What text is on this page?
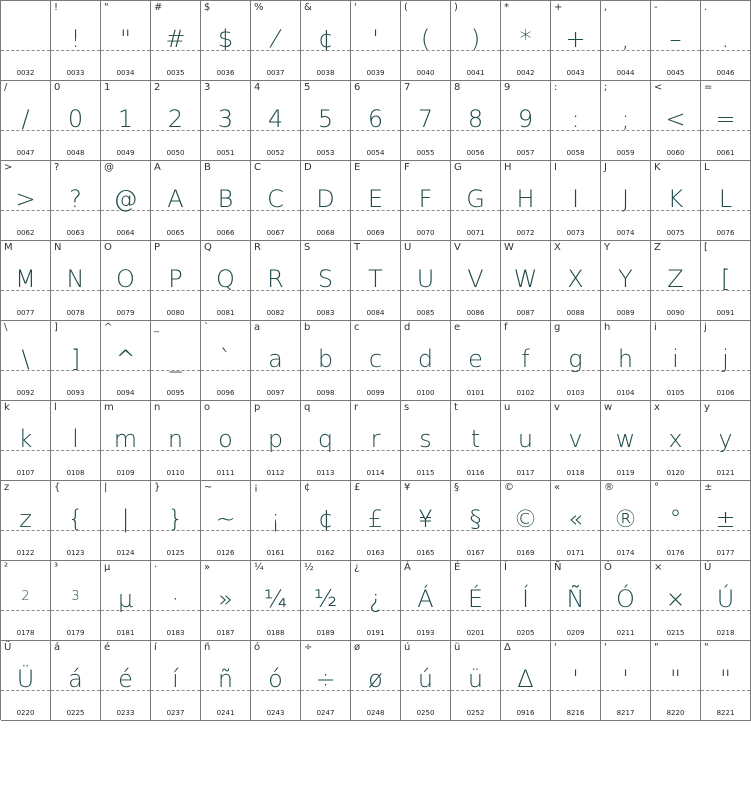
0032
!
!
0033
"
"
0034
#
#
0035
$
$
0036
%
⁄
0037
&
¢
0038
'
'
0039
(
(
0040
)
)
0041
*
*
0042
+
+
0043
,
,
0044
-
–
0045
.
.
0046
/
/
0047
0
0
0048
1
1
0049
2
2
0050
3
3
0051
4
4
0052
5
5
0053
6
6
0054
7
7
0055
8
8
0056
9
9
0057
:
:
0058
;
;
0059
<
<
0060
=
=
0061
>
>
0062
?
?
0063
@
@
0064
A
A
0065
B
B
0066
C
C
0067
D
D
0068
E
E
0069
F
F
0070
G
G
0071
H
H
0072
I
I
0073
J
J
0074
K
K
0075
L
L
0076
M
M
0077
N
N
0078
O
O
0079
P
P
0080
Q
Q
0081
R
R
0082
S
S
0083
T
T
0084
U
U
0085
V
V
0086
W
W
0087
X
X
0088
Y
Y
0089
Z
Z
0090
[
[
0091
\
\
0092
]
]
0093
^
^
0094
_
_
0095
`
`
0096
a
a
0097
b
b
0098
c
c
0099
d
d
0100
e
e
0101
f
f
0102
g
g
0103
h
h
0104
i
i
0105
j
j
0106
k
k
0107
l
l
0108
m
m
0109
n
n
0110
o
o
0111
p
p
0112
q
q
0113
r
r
0114
s
s
0115
t
t
0116
u
u
0117
v
v
0118
w
w
0119
x
x
0120
y
y
0121
z
z
0122
{
{
0123
|
|
0124
}
}
0125
~
~
0126
¡
¡
0161
¢
¢
0162
£
£
0163
¥
¥
0165
§
§
0167
©
©
0169
«
«
0171
®
®
0174
°
°
0176
±
±
0177
²
2
0178
³
3
0179
µ
µ
0181
·
·
0183
»
»
0187
¼
¼
0188
½
½
0189
¿
¿
0191
Á
Á
0193
É
É
0201
Í
Í
0205
Ñ
Ñ
0209
Ó
Ó
0211
×
×
0215
Ú
Ú
0218
Ü
Ü
0220
á
á
0225
é
é
0233
í
í
0237
ñ
ñ
0241
ó
ó
0243
÷
÷
0247
ø
ø
0248
ú
ú
0250
ü
ü
0252
Δ
Δ
0916
'
'
8216
'
'
8217
"
"
8220
"
"
8221
